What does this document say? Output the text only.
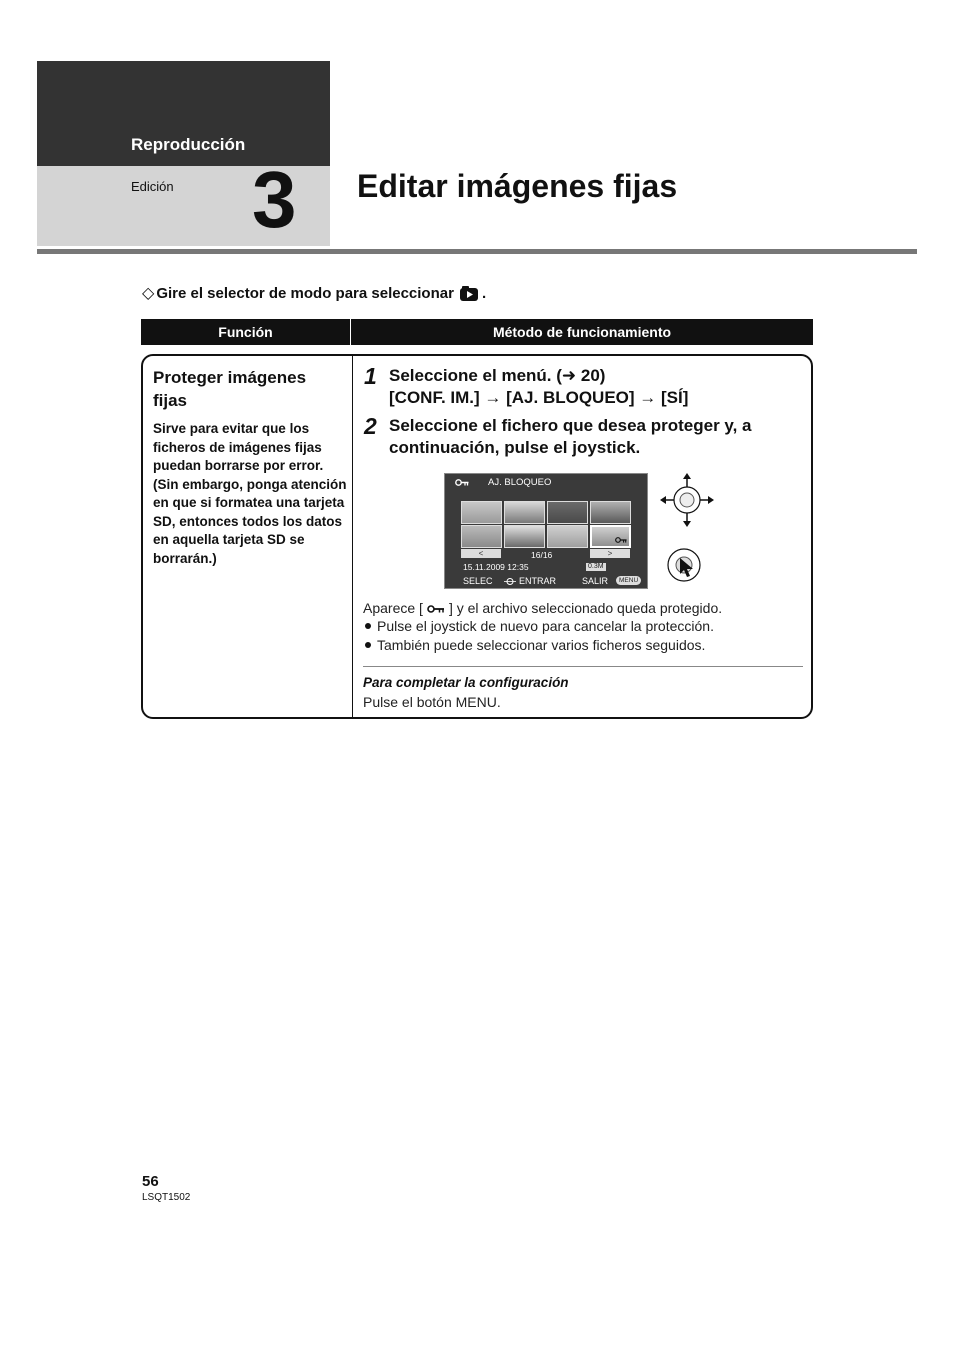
Reproducción
Edición 3 Editar imágenes fijas
◇ Gire el selector de modo para seleccionar .
Función	Método de funcionamiento
Proteger imágenes fijas
Sirve para evitar que los ficheros de imágenes fijas puedan borrarse por error. (Sin embargo, ponga atención en que si formatea una tarjeta SD, entonces todos los datos en aquella tarjeta SD se borrarán.)
1 Seleccione el menú. (➜ 20)
[CONF. IM.] → [AJ. BLOQUEO] → [SÍ]
2 Seleccione el fichero que desea proteger y, a
continuación, pulse el joystick.
AJ. BLOQUEO
<	16/16	>
15.11.2009 12:35	0.3M
SELEC	ENTRAR	SALIR	MENU
Aparece [ ] y el archivo seleccionado queda protegido.
Pulse el joystick de nuevo para cancelar la protección.
También puede seleccionar varios ficheros seguidos.
Para completar la configuración
Pulse el botón MENU.
56
LSQT1502
